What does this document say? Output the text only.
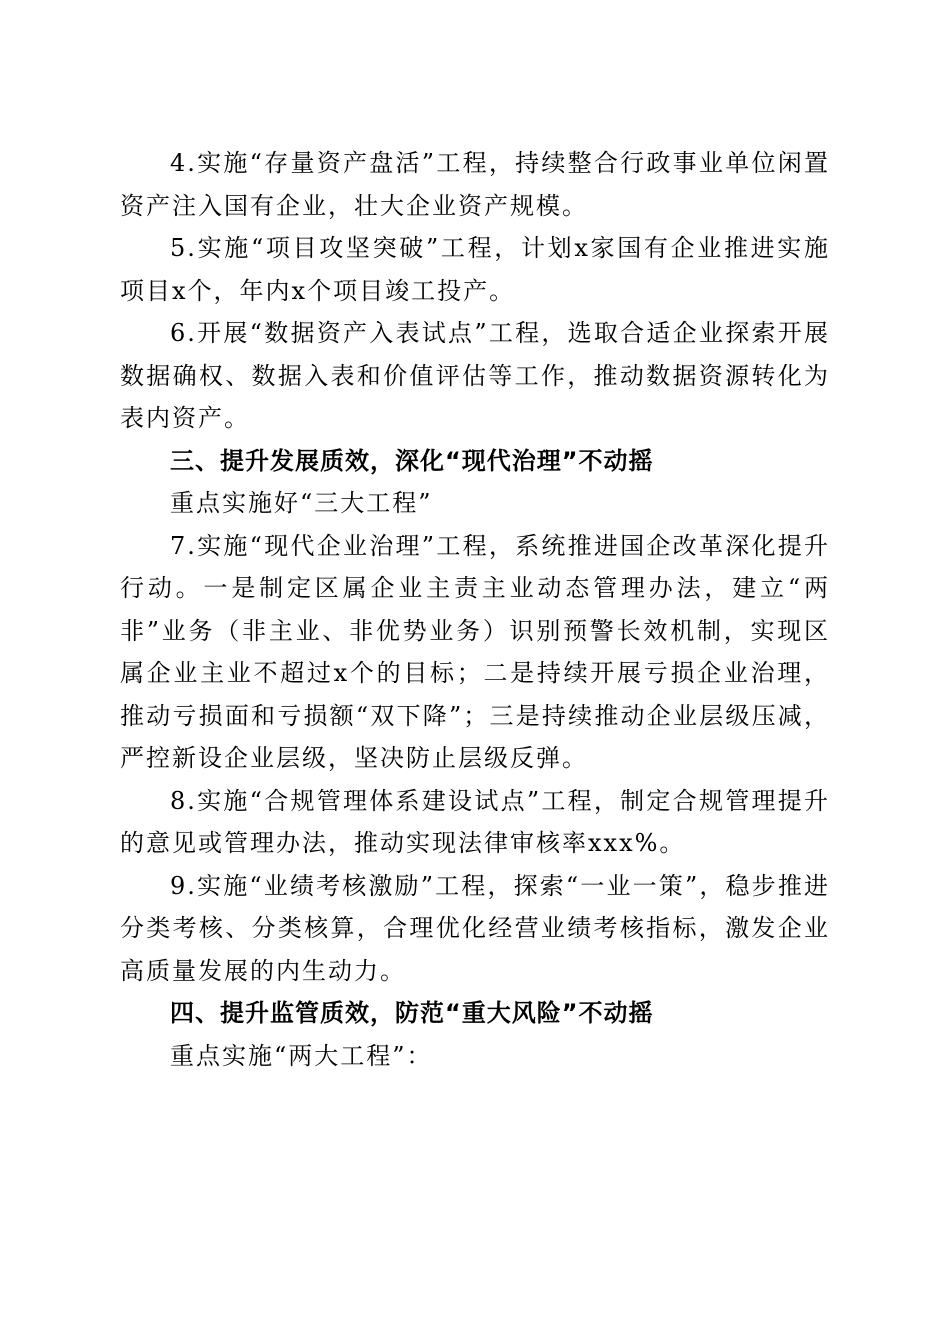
4.实施“存量资产盘活”工程，持续整合行政事业单位闲置资产注入国有企业，壮大企业资产规模。

5.实施“项目攻坚突破”工程，计划x家国有企业推进实施项目x个，年内x个项目竣工投产。

6.开展“数据资产入表试点”工程，选取合适企业探索开展数据确权、数据入表和价值评估等工作，推动数据资源转化为表内资产。

三、提升发展质效，深化“现代治理”不动摇

重点实施好“三大工程”

7.实施“现代企业治理”工程，系统推进国企改革深化提升行动。一是制定区属企业主责主业动态管理办法，建立“两非”业务（非主业、非优势业务）识别预警长效机制，实现区属企业主业不超过x个的目标；二是持续开展亏损企业治理，推动亏损面和亏损额“双下降”；三是持续推动企业层级压减，严控新设企业层级，坚决防止层级反弹。

8.实施“合规管理体系建设试点”工程，制定合规管理提升的意见或管理办法，推动实现法律审核率xxx%。

9.实施“业绩考核激励”工程，探索“一业一策”，稳步推进分类考核、分类核算，合理优化经营业绩考核指标，激发企业高质量发展的内生动力。

四、提升监管质效，防范“重大风险”不动摇

重点实施“两大工程”：
